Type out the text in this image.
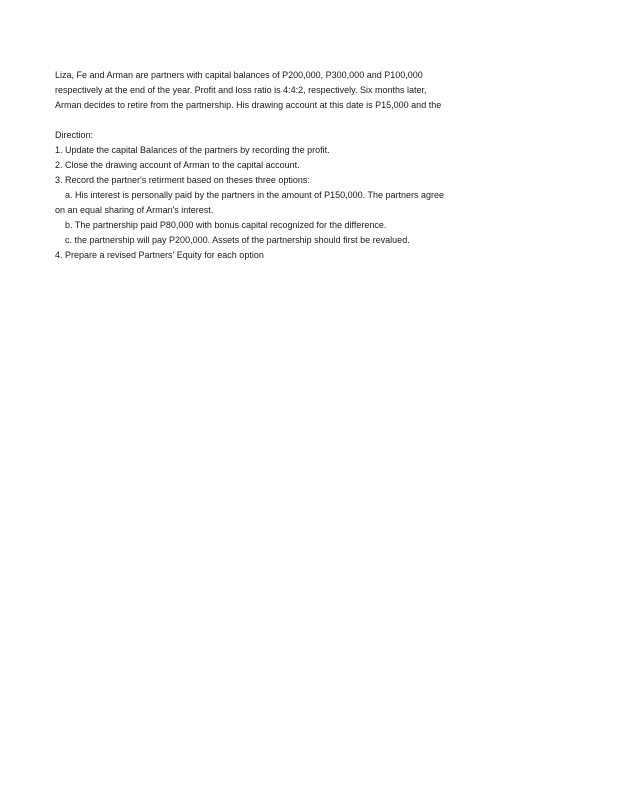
Liza, Fe and Arman are partners with capital balances of P200,000, P300,000 and P100,000
respectively at the end of the year. Profit and loss ratio is 4:4:2, respectively. Six months later,
Arman decides to retire from the partnership. His drawing account at this date is P15,000 and the
Direction:
1. Update the capital Balances of the partners by recording the profit.
2. Close the drawing account of Arman to the capital account.
3. Record the partner's retirment based on theses three options:
a. His interest is personally paid by the partners in the amount of P150,000. The partners agree
on an equal sharing of Arman's interest.
b. The partnership paid P80,000 with bonus capital recognized for the difference.
c. the partnership will pay P200,000. Assets of the partnership should first be revalued.
4. Prepare a revised Partners' Equity for each option
